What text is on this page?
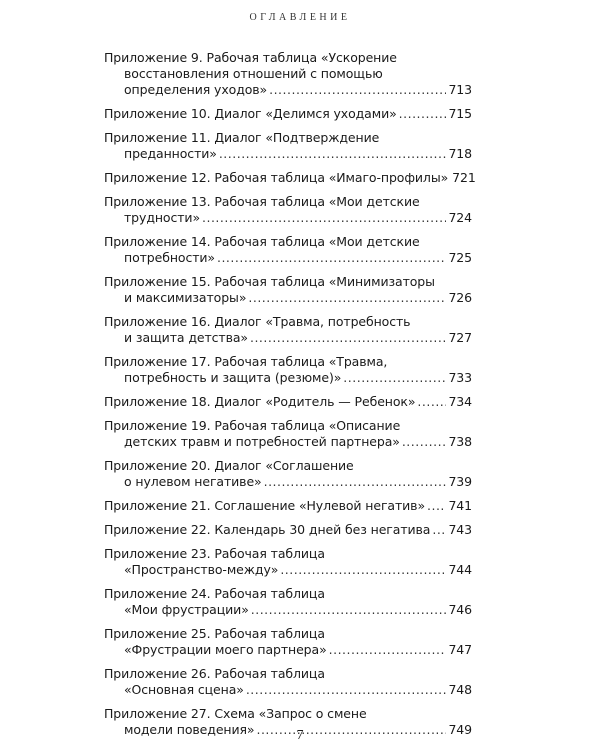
ОГЛАВЛЕНИЕ
Приложение 9. Рабочая таблица «Ускорение
восстановления отношений с помощью
определения уходов» .....	713
Приложение 10. Диалог «Делимся уходами» .....	715
Приложение 11. Диалог «Подтверждение
преданности» .....	718
Приложение 12. Рабочая таблица «Имаго-профилы» 721
Приложение 13. Рабочая таблица «Мои детские
трудности» .....	724
Приложение 14. Рабочая таблица «Мои детские
потребности» .....	725
Приложение 15. Рабочая таблица «Минимизаторы
и максимизаторы» .....	726
Приложение 16. Диалог «Травма, потребность
и защита детства» .....	727
Приложение 17. Рабочая таблица «Травма,
потребность и защита (резюме)» .....	733
Приложение 18. Диалог «Родитель — Ребенок» .....	734
Приложение 19. Рабочая таблица «Описание
детских травм и потребностей партнера» .....	738
Приложение 20. Диалог «Соглашение
о нулевом негативе» .....	739
Приложение 21. Соглашение «Нулевой негатив» ..... 741
Приложение 22. Календарь 30 дней без негатива ..... 743
Приложение 23. Рабочая таблица
«Пространство-между» .....	744
Приложение 24. Рабочая таблица
«Мои фрустрации» .....	746
Приложение 25. Рабочая таблица
«Фрустрации моего партнера» .....	747
Приложение 26. Рабочая таблица
«Основная сцена» .....	748
Приложение 27. Схема «Запрос о смене
модели поведения» .....	749
7
